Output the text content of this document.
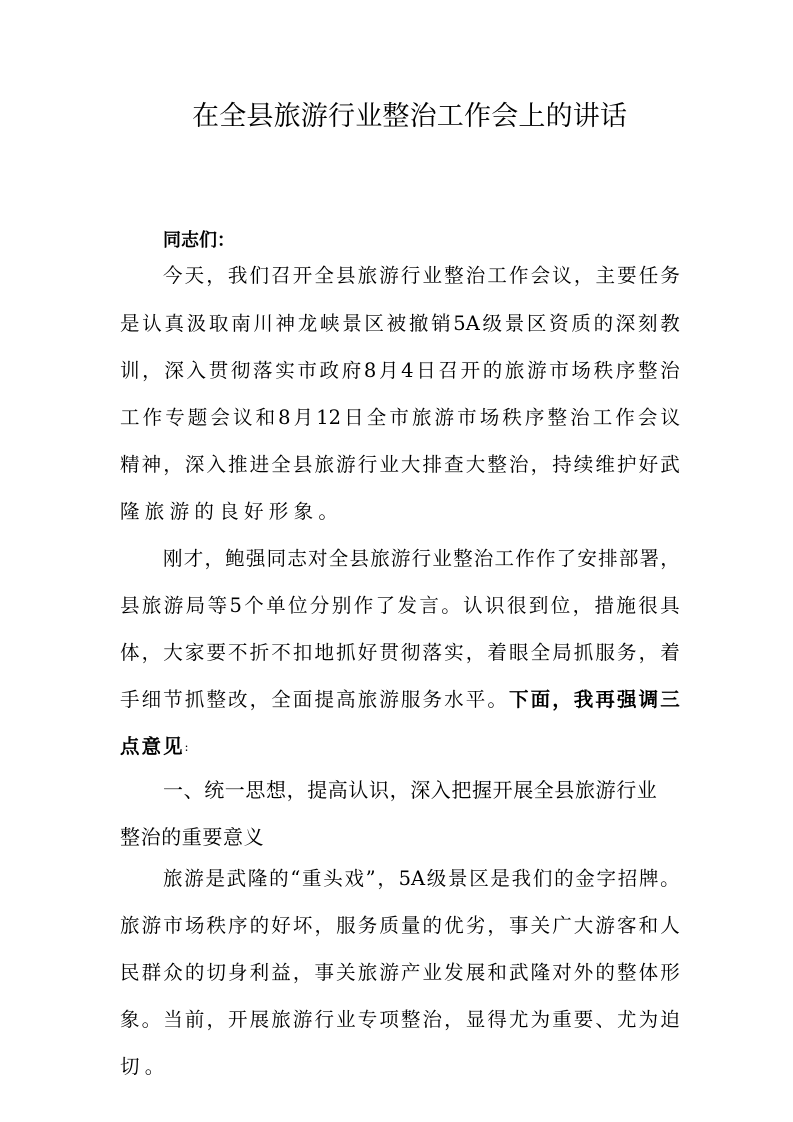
在全县旅游行业整治工作会上的讲话
同志们：
今 天 ， 我 们 召 开 全 县 旅 游 行 业 整 治 工 作 会 议 ， 主 要 任 务
是 认 真 汲 取 南 川 神 龙 峡 景 区 被 撤 销 5A 级 景 区 资 质 的 深 刻 教
训 ， 深 入 贯 彻 落 实 市 政 府 8 月 4 日 召 开 的 旅 游 市 场 秩 序 整 治
工 作 专 题 会 议 和 8 月 12 日 全 市 旅 游 市 场 秩 序 整 治 工 作 会 议
精 神 ， 深 入 推 进 全 县 旅 游 行 业 大 排 查 大 整 治 ， 持 续 维 护 好 武
隆旅游的良好形象。
刚 才 ， 鲍 强 同 志 对 全 县 旅 游 行 业 整 治 工 作 作 了 安 排 部 署 ，
县 旅 游 局 等 5 个 单 位 分 别 作 了 发 言 。 认 识 很 到 位 ， 措 施 很 具
体 ， 大 家 要 不 折 不 扣 地 抓 好 贯 彻 落 实 ， 着 眼 全 局 抓 服 务 ， 着
手 细 节 抓 整 改 ， 全 面 提 高 旅 游 服 务 水 平 。 下 面 ， 我 再 强 调 三
点意见 :
一、统一思想，提高认识，深入把握开展全县旅游行业
整治的重要意义
旅 游 是 武 隆 的 “ 重 头 戏 ” ， 5A 级 景 区 是 我 们 的 金 字 招 牌 。
旅 游 市 场 秩 序 的 好 坏 ， 服 务 质 量 的 优 劣 ， 事 关 广 大 游 客 和 人
民 群 众 的 切 身 利 益 ， 事 关 旅 游 产 业 发 展 和 武 隆 对 外 的 整 体 形
象 。 当 前 ， 开 展 旅 游 行 业 专 项 整 治 ， 显 得 尤 为 重 要 、 尤 为 迫
切。
